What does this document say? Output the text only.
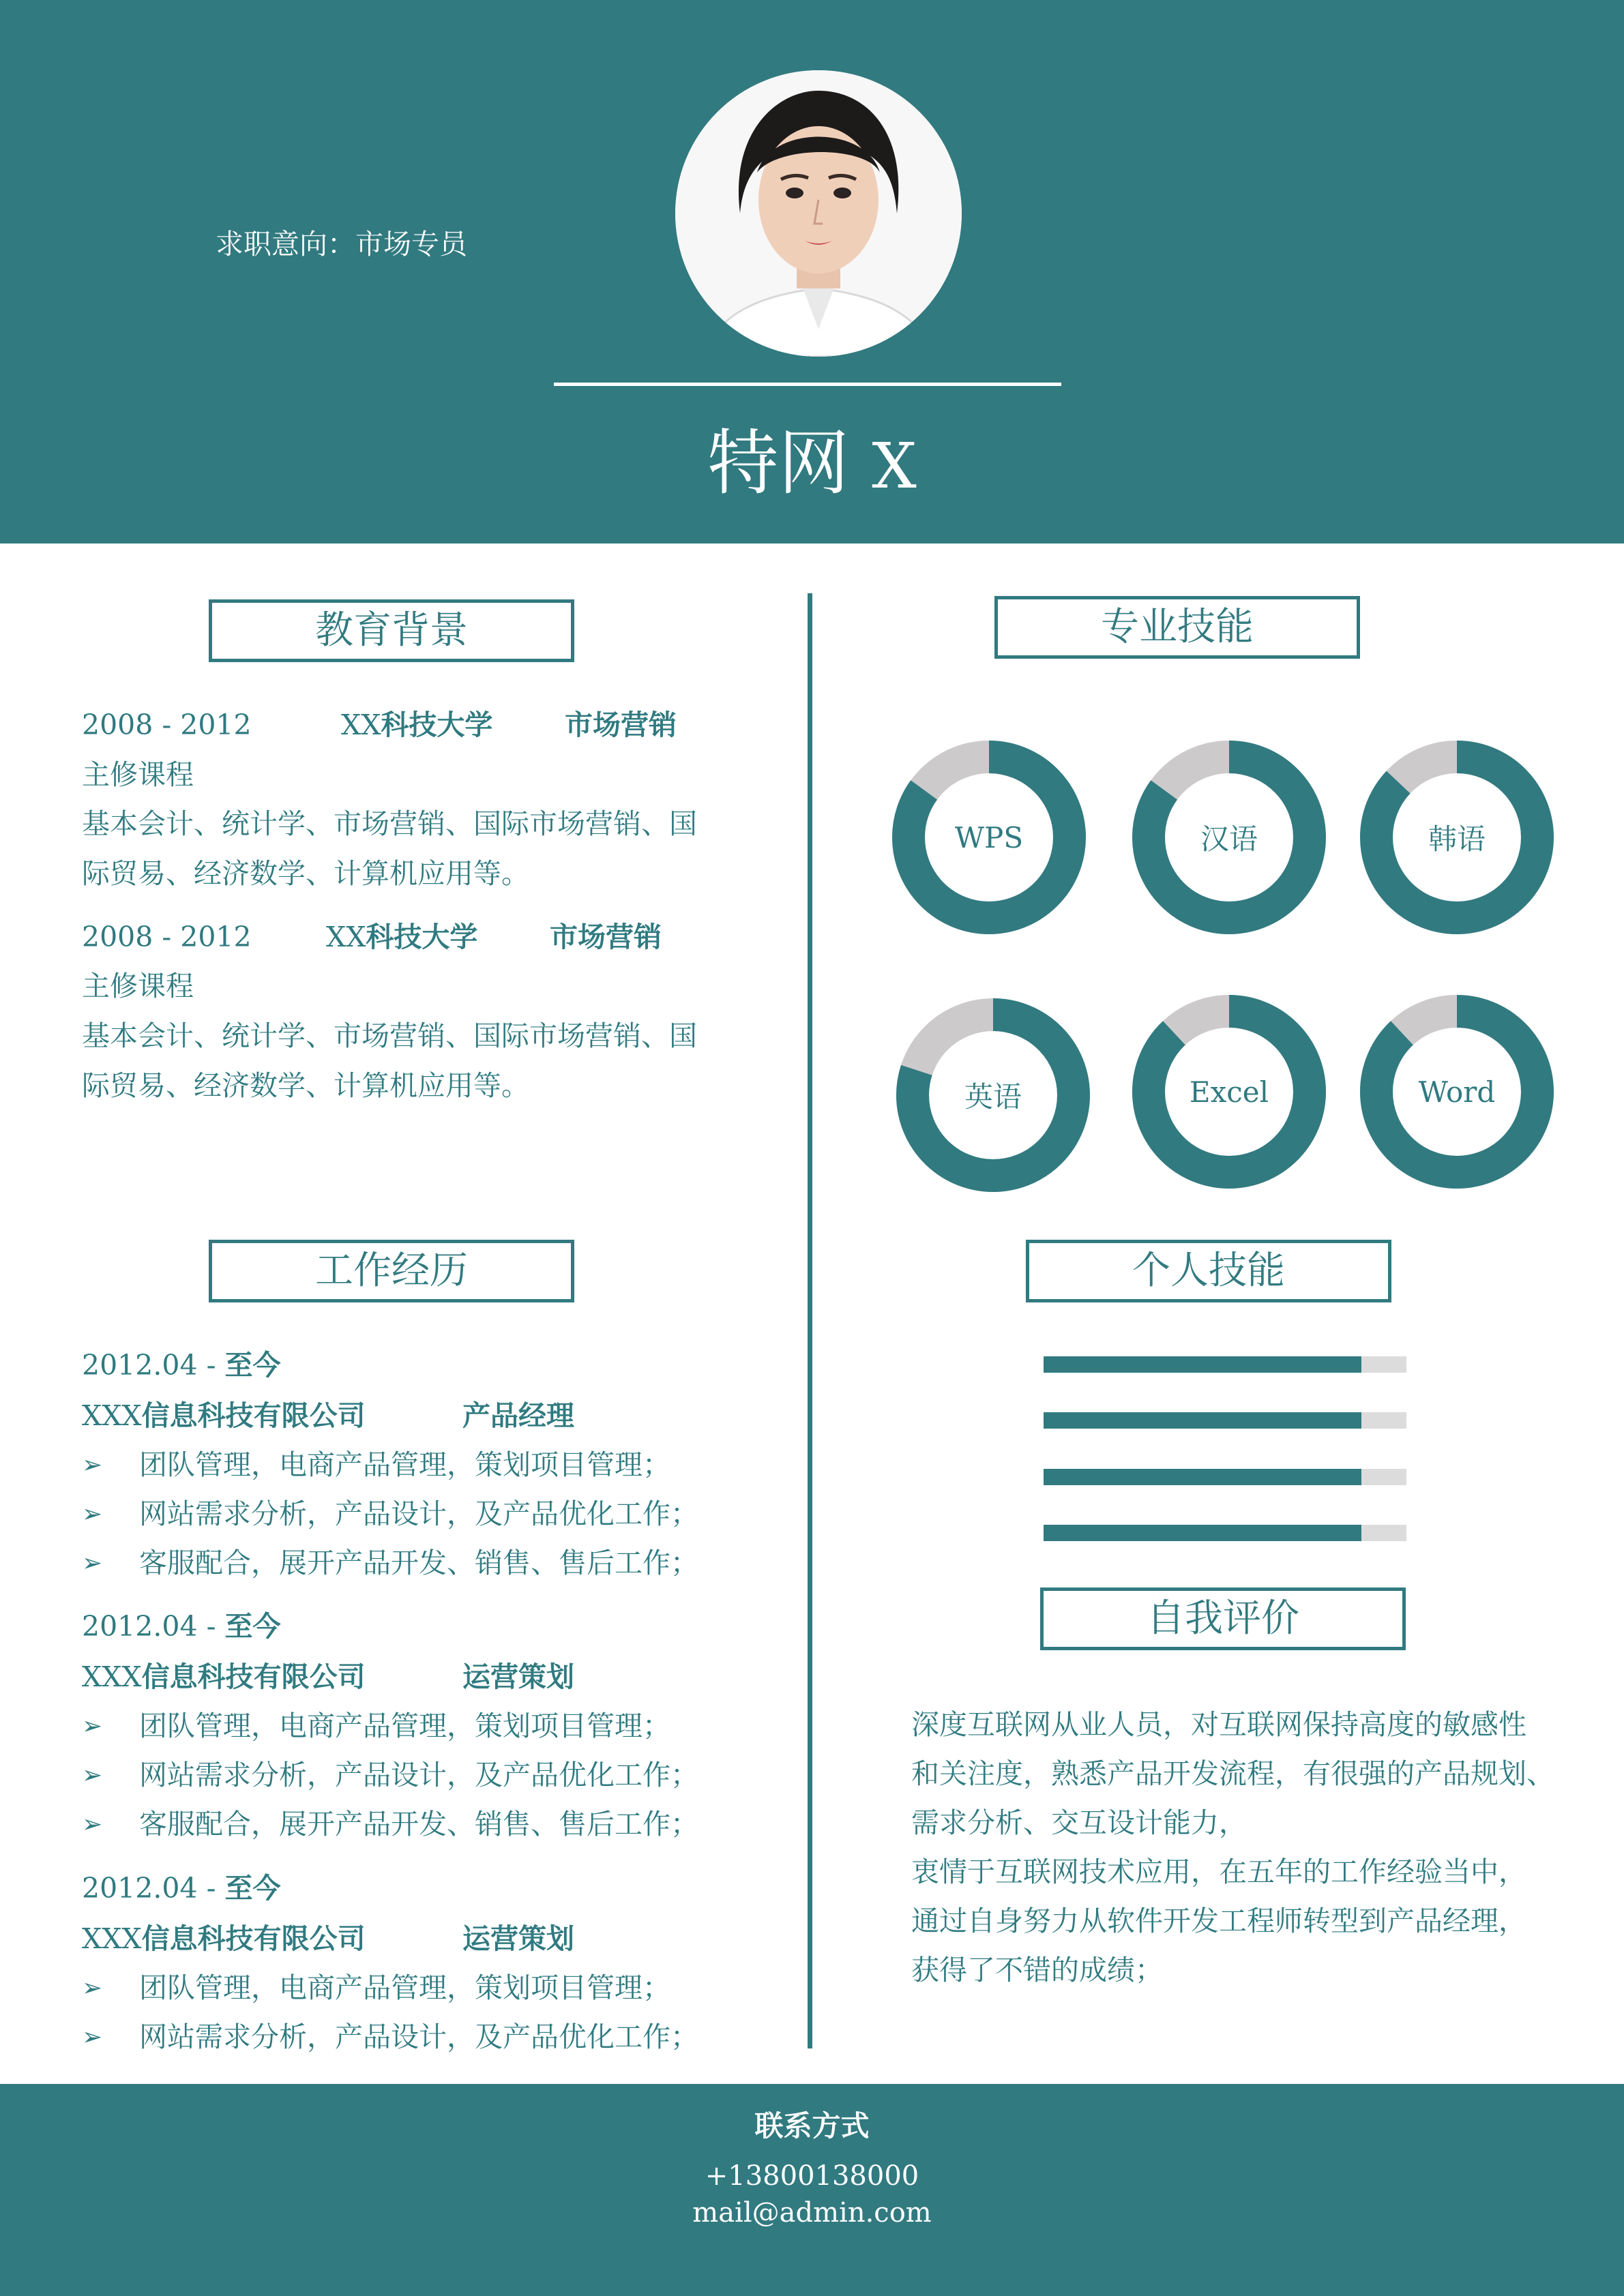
求职意向：市场专员
特网 X
教育背景
2008 - 2012	XX科技大学	市场营销
主修课程
基本会计、统计学、市场营销、国际市场营销、国
际贸易、经济数学、计算机应用等。
2008 - 2012	XX科技大学	市场营销
主修课程
基本会计、统计学、市场营销、国际市场营销、国
际贸易、经济数学、计算机应用等。
工作经历
2012.04 - 至今
XXX信息科技有限公司	产品经理
➢ 团队管理，电商产品管理，策划项目管理；
➢ 网站需求分析，产品设计，及产品优化工作；
➢ 客服配合，展开产品开发、销售、售后工作；
2012.04 - 至今
XXX信息科技有限公司	运营策划
➢ 团队管理，电商产品管理，策划项目管理；
➢ 网站需求分析，产品设计，及产品优化工作；
➢ 客服配合，展开产品开发、销售、售后工作；
2012.04 - 至今
XXX信息科技有限公司	运营策划
➢ 团队管理，电商产品管理，策划项目管理；
➢ 网站需求分析，产品设计，及产品优化工作；
专业技能
WPS	汉语	韩语
英语	Excel	Word
个人技能
自我评价
深度互联网从业人员，对互联网保持高度的敏感性
和关注度，熟悉产品开发流程，有很强的产品规划、
需求分析、交互设计能力，
衷情于互联网技术应用，在五年的工作经验当中，
通过自身努力从软件开发工程师转型到产品经理，
获得了不错的成绩；
联系方式
+13800138000
mail@admin.com
